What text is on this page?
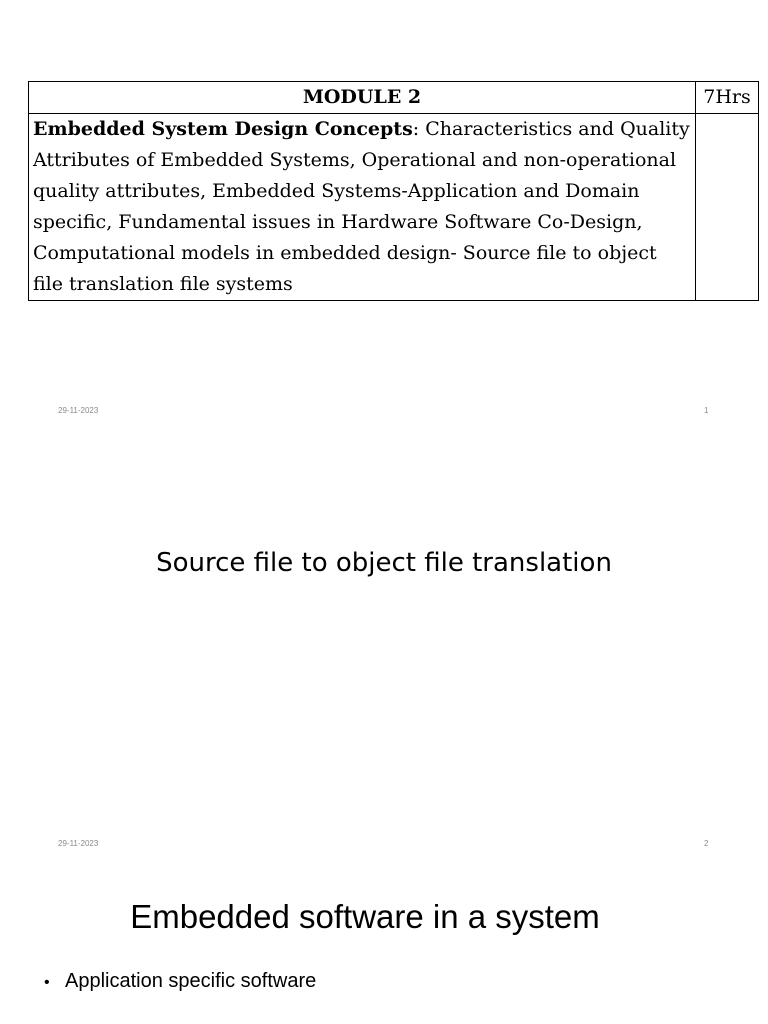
MODULE 2	7Hrs
Embedded System Design Concepts: Characteristics and Quality Attributes of Embedded Systems, Operational and non-operational quality attributes, Embedded Systems-Application and Domain specific, Fundamental issues in Hardware Software Co-Design, Computational models in embedded design- Source file to object file translation file systems	
29-11-2023	1
Source file to object file translation
29-11-2023	2
Embedded software in a system
• Application specific software
